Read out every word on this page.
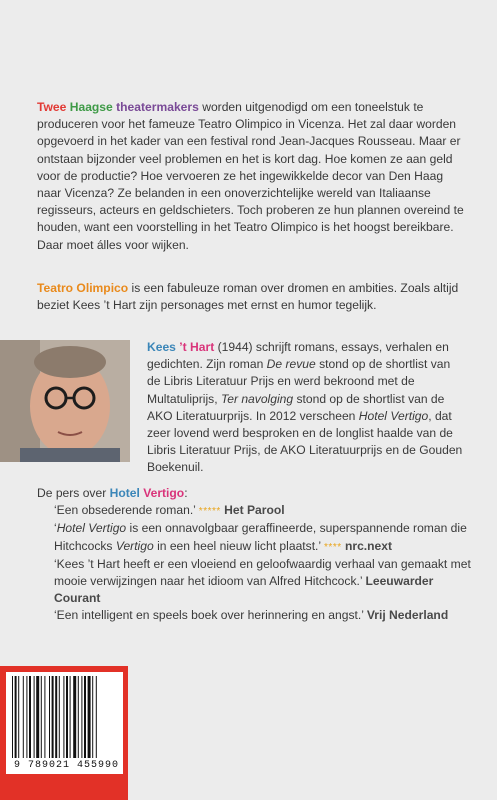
Twee Haagse theatermakers worden uitgenodigd om een toneelstuk te produceren voor het fameuze Teatro Olimpico in Vicenza. Het zal daar worden opgevoerd in het kader van een festival rond Jean-Jacques Rousseau. Maar er ontstaan bijzonder veel problemen en het is kort dag. Hoe komen ze aan geld voor de productie? Hoe vervoeren ze het ingewikkelde decor van Den Haag naar Vicenza? Ze belanden in een onoverzichtelijke wereld van Italiaanse regisseurs, acteurs en geldschieters. Toch proberen ze hun plannen overeind te houden, want een voorstelling in het Teatro Olimpico is het hoogst bereikbare. Daar moet álles voor wijken.
Teatro Olimpico is een fabuleuze roman over dromen en ambities. Zoals altijd beziet Kees ’t Hart zijn personages met ernst en humor tegelijk.
Kees ’t Hart (1944) schrijft romans, essays, verhalen en gedichten. Zijn roman De revue stond op de shortlist van de Libris Literatuur Prijs en werd bekroond met de Multatuliprijs, Ter navolging stond op de shortlist van de AKO Literatuurprijs. In 2012 verscheen Hotel Vertigo, dat zeer lovend werd besproken en de longlist haalde van de Libris Literatuur Prijs, de AKO Literatuurprijs en de Gouden Boekenuil.
De pers over Hotel Vertigo:
‘Een obsederende roman.’ ***** Het Parool
‘Hotel Vertigo is een onnavolgbaar geraffineerde, superspannende roman die Hitchcocks Vertigo in een heel nieuw licht plaatst.’ **** nrc.next
‘Kees ’t Hart heeft er een vloeiend en geloofwaardig verhaal van gemaakt met mooie verwijzingen naar het idioom van Alfred Hitchcock.’ Leeuwarder Courant
‘Een intelligent en speels boek over herinnering en angst.’ Vrij Nederland
9 789021 455990
